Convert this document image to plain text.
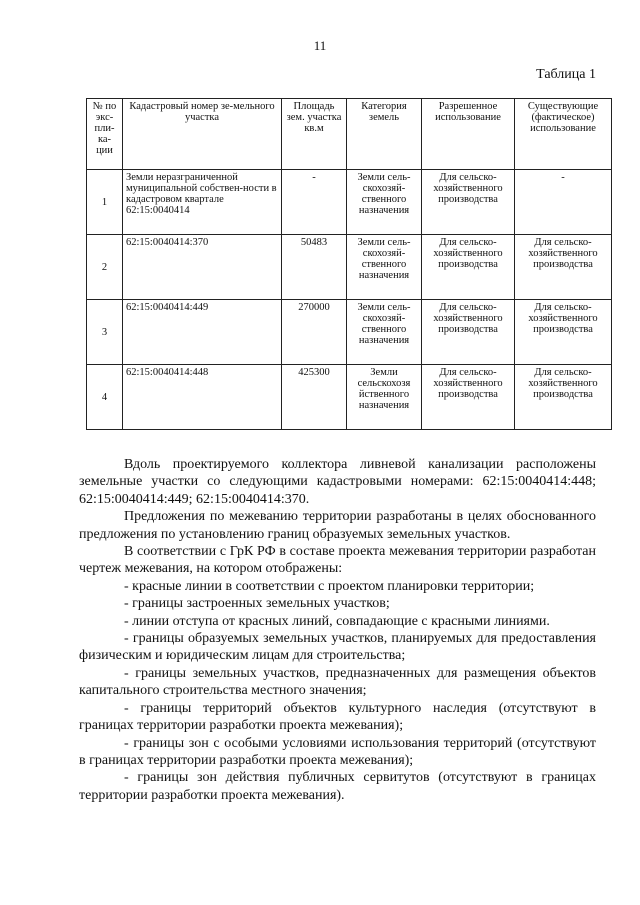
11
Таблица 1
№ по экс-пли-ка-ции	Кадастровый номер зе-мельного участка	Площадь зем. участка кв.м	Категория земель	Разрешенное использование	Существующие (фактическое) использование
1	Земли неразграниченной муниципальной собствен-ности в кадастровом квартале 62:15:0040414	-	Земли сель-скохозяй-ственного назначения	Для сельско-хозяйственного производства	-
2	62:15:0040414:370	50483	Земли сель-скохозяй-ственного назначения	Для сельско-хозяйственного производства	Для сельско-хозяйственного производства
3	62:15:0040414:449	270000	Земли сель-скохозяй-ственного назначения	Для сельско-хозяйственного производства	Для сельско-хозяйственного производства
4	62:15:0040414:448	425300	Земли сельскохозя йственного назначения	Для сельско-хозяйственного производства	Для сельско-хозяйственного производства

Вдоль проектируемого коллектора ливневой канализации расположены земельные участки со следующими кадастровыми номерами: 62:15:0040414:448; 62:15:0040414:449; 62:15:0040414:370.

Предложения по межеванию территории разработаны в целях обоснованного предложения по установлению границ образуемых земельных участков.

В соответствии с ГрК РФ в составе проекта межевания территории разработан чертеж межевания, на котором отображены:

- красные линии в соответствии с проектом планировки территории;

- границы застроенных земельных участков;

- линии отступа от красных линий, совпадающие с красными линиями.

- границы образуемых земельных участков, планируемых для предоставления физическим и юридическим лицам для строительства;

- границы земельных участков, предназначенных для размещения объектов капитального строительства местного значения;

- границы территорий объектов культурного наследия (отсутствуют в границах территории разработки проекта межевания);

- границы зон с особыми условиями использования территорий (отсутствуют в границах территории разработки проекта межевания);

- границы зон действия публичных сервитутов (отсутствуют в границах территории разработки проекта межевания).
